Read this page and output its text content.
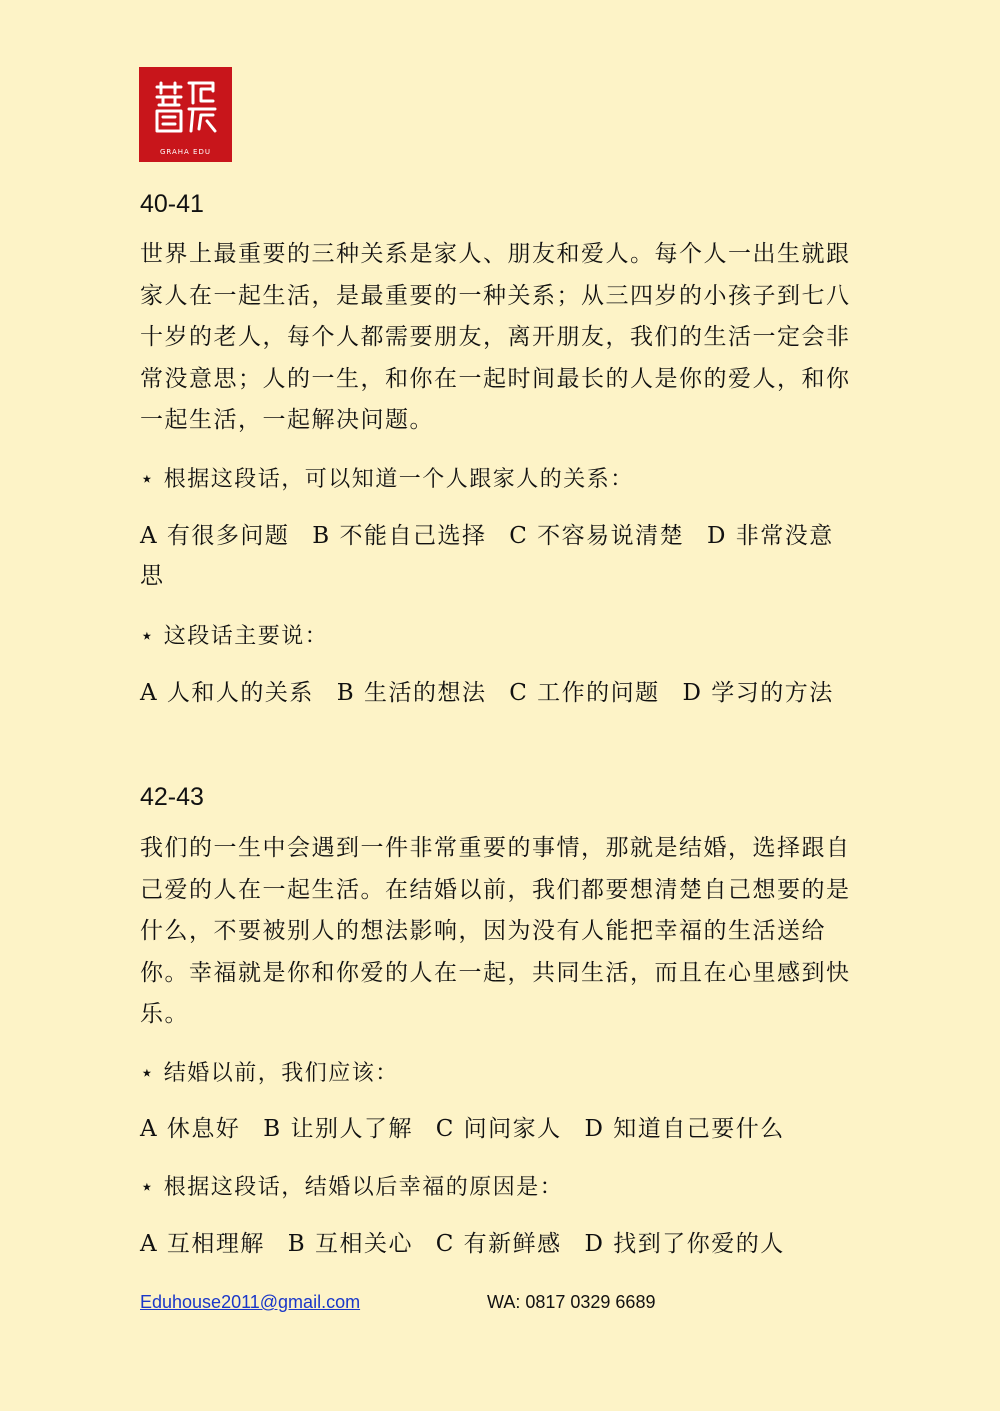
GRAHA EDU
40-41

世界上最重要的三种关系是家人、朋友和爱人。每个人一出生就跟家人在一起生活，是最重要的一种关系；从三四岁的小孩子到七八十岁的老人，每个人都需要朋友，离开朋友，我们的生活一定会非常没意思；人的一生，和你在一起时间最长的人是你的爱人，和你一起生活，一起解决问题。

⋆ 根据这段话，可以知道一个人跟家人的关系：

A 有很多问题 B 不能自己选择 C 不容易说清楚 D 非常没意思

⋆ 这段话主要说：

A 人和人的关系 B 生活的想法 C 工作的问题 D 学习的方法

42-43

我们的一生中会遇到一件非常重要的事情，那就是结婚，选择跟自己爱的人在一起生活。在结婚以前，我们都要想清楚自己想要的是什么，不要被别人的想法影响，因为没有人能把幸福的生活送给你。幸福就是你和你爱的人在一起，共同生活，而且在心里感到快乐。

⋆ 结婚以前，我们应该：

A 休息好 B 让别人了解 C 问问家人 D 知道自己要什么

⋆ 根据这段话，结婚以后幸福的原因是：

A 互相理解 B 互相关心 C 有新鲜感 D 找到了你爱的人

Eduhouse2011@gmail.com	WA: 0817 0329 6689
